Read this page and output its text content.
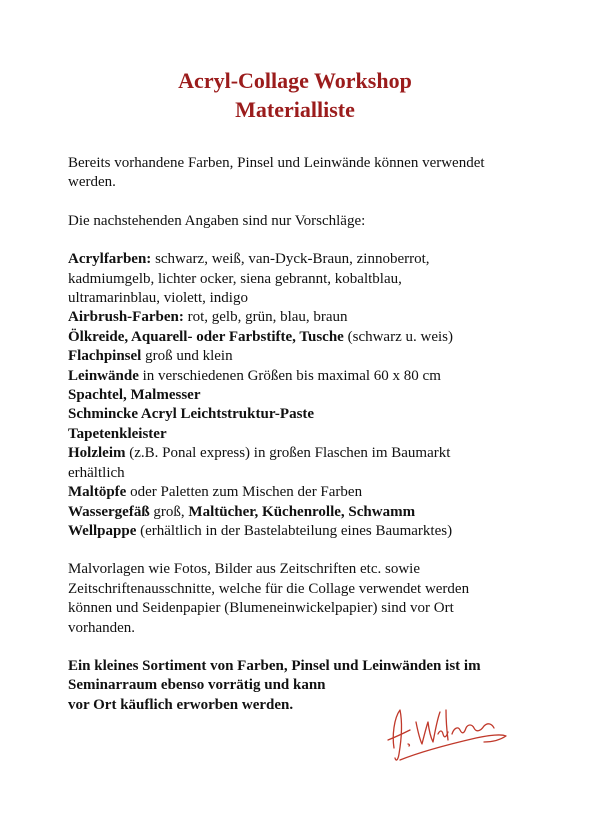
Acryl-Collage Workshop
Materialliste

Bereits vorhandene Farben, Pinsel und Leinwände können verwendet
werden.

Die nachstehenden Angaben sind nur Vorschläge:

Acrylfarben: schwarz, weiß, van-Dyck-Braun, zinnoberrot,
kadmiumgelb, lichter ocker, siena gebrannt, kobaltblau,
ultramarinblau, violett, indigo

Airbrush-Farben: rot, gelb, grün, blau, braun

Ölkreide, Aquarell- oder Farbstifte, Tusche (schwarz u. weis)

Flachpinsel groß und klein

Leinwände in verschiedenen Größen bis maximal 60 x 80 cm

Spachtel, Malmesser

Schmincke Acryl Leichtstruktur-Paste

Tapetenkleister

Holzleim (z.B. Ponal express) in großen Flaschen im Baumarkt
erhältlich

Maltöpfe oder Paletten zum Mischen der Farben

Wassergefäß groß, Maltücher, Küchenrolle, Schwamm

Wellpappe (erhältlich in der Bastelabteilung eines Baumarktes)

Malvorlagen wie Fotos, Bilder aus Zeitschriften etc. sowie
Zeitschriftenausschnitte, welche für die Collage verwendet werden
können und Seidenpapier (Blumeneinwickelpapier) sind vor Ort
vorhanden.

Ein kleines Sortiment von Farben, Pinsel und Leinwänden ist im
Seminarraum ebenso vorrätig und kann
vor Ort käuflich erworben werden.
